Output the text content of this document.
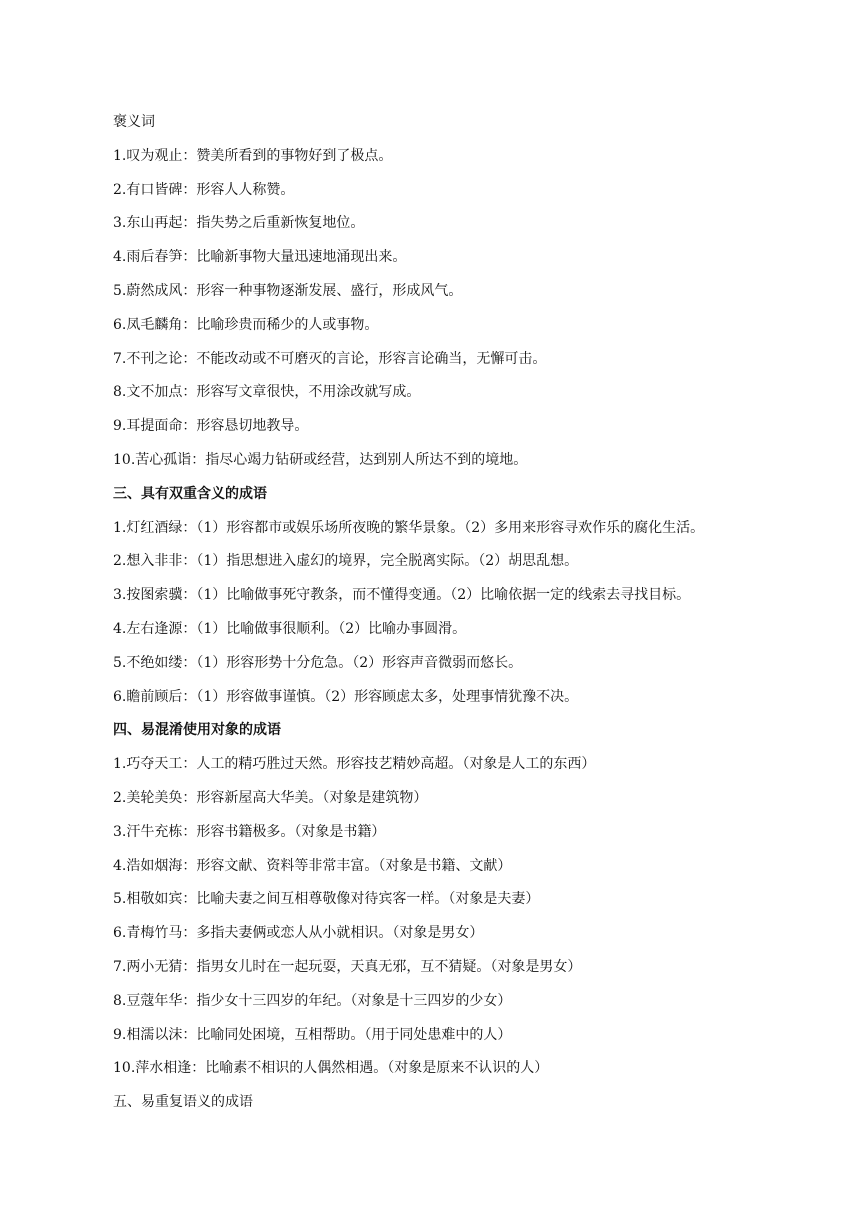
褒义词
1.叹为观止：赞美所看到的事物好到了极点。
2.有口皆碑：形容人人称赞。
3.东山再起：指失势之后重新恢复地位。
4.雨后春笋：比喻新事物大量迅速地涌现出来。
5.蔚然成风：形容一种事物逐渐发展、盛行，形成风气。
6.凤毛麟角：比喻珍贵而稀少的人或事物。
7.不刊之论：不能改动或不可磨灭的言论，形容言论确当，无懈可击。
8.文不加点：形容写文章很快，不用涂改就写成。
9.耳提面命：形容恳切地教导。
10.苦心孤诣：指尽心竭力钻研或经营，达到别人所达不到的境地。
三、具有双重含义的成语
1.灯红酒绿：（1）形容都市或娱乐场所夜晚的繁华景象。（2）多用来形容寻欢作乐的腐化生活。
2.想入非非：（1）指思想进入虚幻的境界，完全脱离实际。（2）胡思乱想。
3.按图索骥：（1）比喻做事死守教条，而不懂得变通。（2）比喻依据一定的线索去寻找目标。
4.左右逢源：（1）比喻做事很顺利。（2）比喻办事圆滑。
5.不绝如缕：（1）形容形势十分危急。（2）形容声音微弱而悠长。
6.瞻前顾后：（1）形容做事谨慎。（2）形容顾虑太多，处理事情犹豫不决。
四、易混淆使用对象的成语
1.巧夺天工：人工的精巧胜过天然。形容技艺精妙高超。（对象是人工的东西）
2.美轮美奂：形容新屋高大华美。（对象是建筑物）
3.汗牛充栋：形容书籍极多。（对象是书籍）
4.浩如烟海：形容文献、资料等非常丰富。（对象是书籍、文献）
5.相敬如宾：比喻夫妻之间互相尊敬像对待宾客一样。（对象是夫妻）
6.青梅竹马：多指夫妻俩或恋人从小就相识。（对象是男女）
7.两小无猜：指男女儿时在一起玩耍，天真无邪，互不猜疑。（对象是男女）
8.豆蔻年华：指少女十三四岁的年纪。（对象是十三四岁的少女）
9.相濡以沫：比喻同处困境，互相帮助。（用于同处患难中的人）
10.萍水相逢：比喻素不相识的人偶然相遇。（对象是原来不认识的人）
五、易重复语义的成语
